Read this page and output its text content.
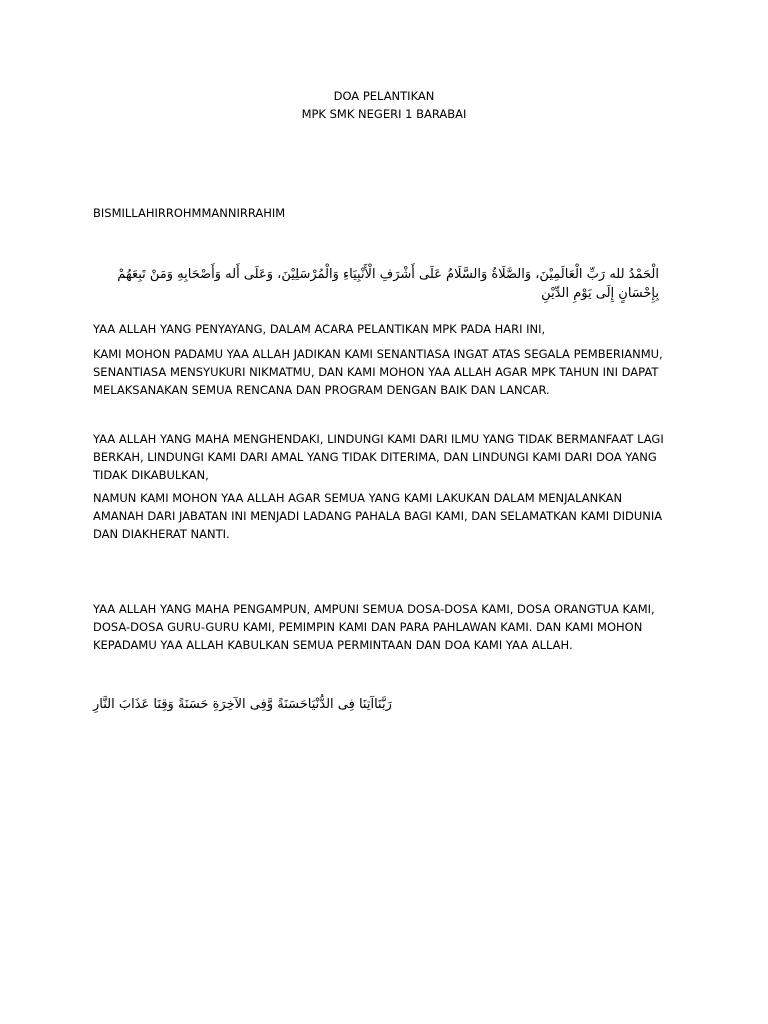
DOA PELANTIKAN
MPK SMK NEGERI 1 BARABAI

BISMILLAHIRROHMMANNIRRAHIM

الْحَمْدُ لله رَبِّ الْعَالَمِيْنَ، وَالصَّلَاةُ وَالسَّلَامُ عَلَى أَشْرَفِ الْأَنْبِيَاءِ وَالْمُرْسَلِيْنَ، وَعَلَى أَله وَأَصْحَابِهِ وَمَنْ تَبِعَهُمْ بِإِحْسَانٍ إِلَى يَوْمِ الدِّيْنِ

YAA ALLAH YANG PENYAYANG, DALAM ACARA PELANTIKAN MPK PADA HARI INI,

KAMI MOHON PADAMU YAA ALLAH JADIKAN KAMI SENANTIASA INGAT ATAS SEGALA PEMBERIANMU, SENANTIASA MENSYUKURI NIKMATMU, DAN KAMI MOHON YAA ALLAH AGAR MPK TAHUN INI DAPAT MELAKSANAKAN SEMUA RENCANA DAN PROGRAM DENGAN BAIK DAN LANCAR.

YAA ALLAH YANG MAHA MENGHENDAKI, LINDUNGI KAMI DARI ILMU YANG TIDAK BERMANFAAT LAGI BERKAH, LINDUNGI KAMI DARI AMAL YANG TIDAK DITERIMA, DAN LINDUNGI KAMI DARI DOA YANG TIDAK DIKABULKAN,

NAMUN KAMI MOHON YAA ALLAH AGAR SEMUA YANG KAMI LAKUKAN DALAM MENJALANKAN AMANAH DARI JABATAN INI MENJADI LADANG PAHALA BAGI KAMI, DAN SELAMATKAN KAMI DIDUNIA DAN DIAKHERAT NANTI.

YAA ALLAH YANG MAHA PENGAMPUN, AMPUNI SEMUA DOSA-DOSA KAMI, DOSA ORANGTUA KAMI, DOSA-DOSA GURU-GURU KAMI, PEMIMPIN KAMI DAN PARA PAHLAWAN KAMI. DAN KAMI MOHON KEPADAMU YAA ALLAH KABULKAN SEMUA PERMINTAAN DAN DOA KAMI YAA ALLAH.

رَبَّنَاآتِنَا فِى الدُّنْيَاحَسَنَةً وَّفِى الآخِرَةِ حَسَنَةً وَقِنَا عَذَابَ النَّارِ
